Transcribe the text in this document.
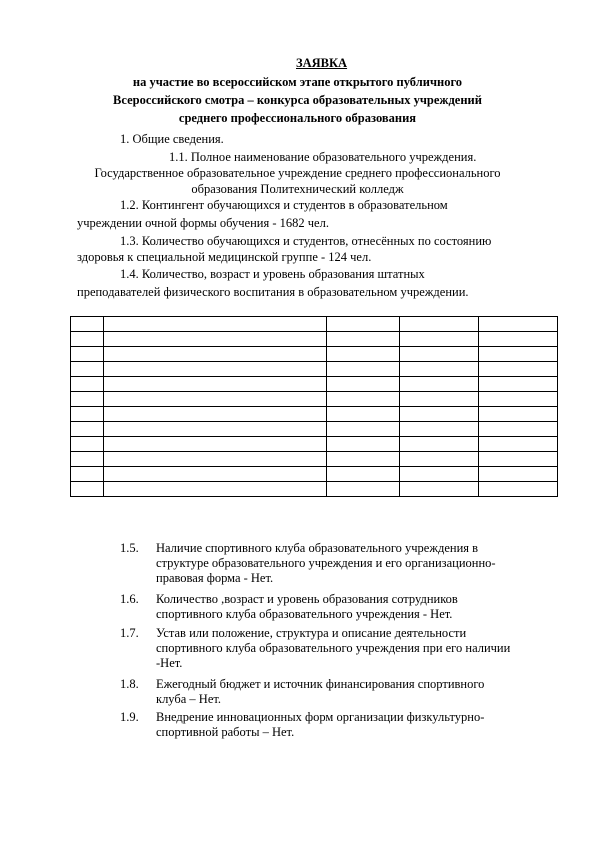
ЗАЯВКА
на участие во всероссийском этапе открытого публичного
Всероссийского смотра – конкурса образовательных учреждений
среднего профессионального образования
1. Общие сведения.
1.1. Полное наименование образовательного учреждения.
Государственное образовательное учреждение среднего профессионального
образования Политехнический колледж
1.2. Контингент обучающихся и студентов в образовательном
учреждении очной формы обучения - 1682 чел.
1.3. Количество обучающихся и студентов, отнесённых по состоянию
здоровья к специальной медицинской группе - 124 чел.
1.4. Количество, возраст и уровень образования штатных
преподавателей физического воспитания в образовательном учреждении.

1.5. Наличие спортивного клуба образовательного учреждения в
структуре образовательного учреждения и его организационно-
правовая форма - Нет.
1.6. Количество ,возраст и уровень образования сотрудников
спортивного клуба образовательного учреждения - Нет.
1.7. Устав или положение, структура и описание деятельности
спортивного клуба образовательного учреждения при его наличии
-Нет.
1.8. Ежегодный бюджет и источник финансирования спортивного
клуба – Нет.
1.9. Внедрение инновационных форм организации физкультурно-
спортивной работы – Нет.
